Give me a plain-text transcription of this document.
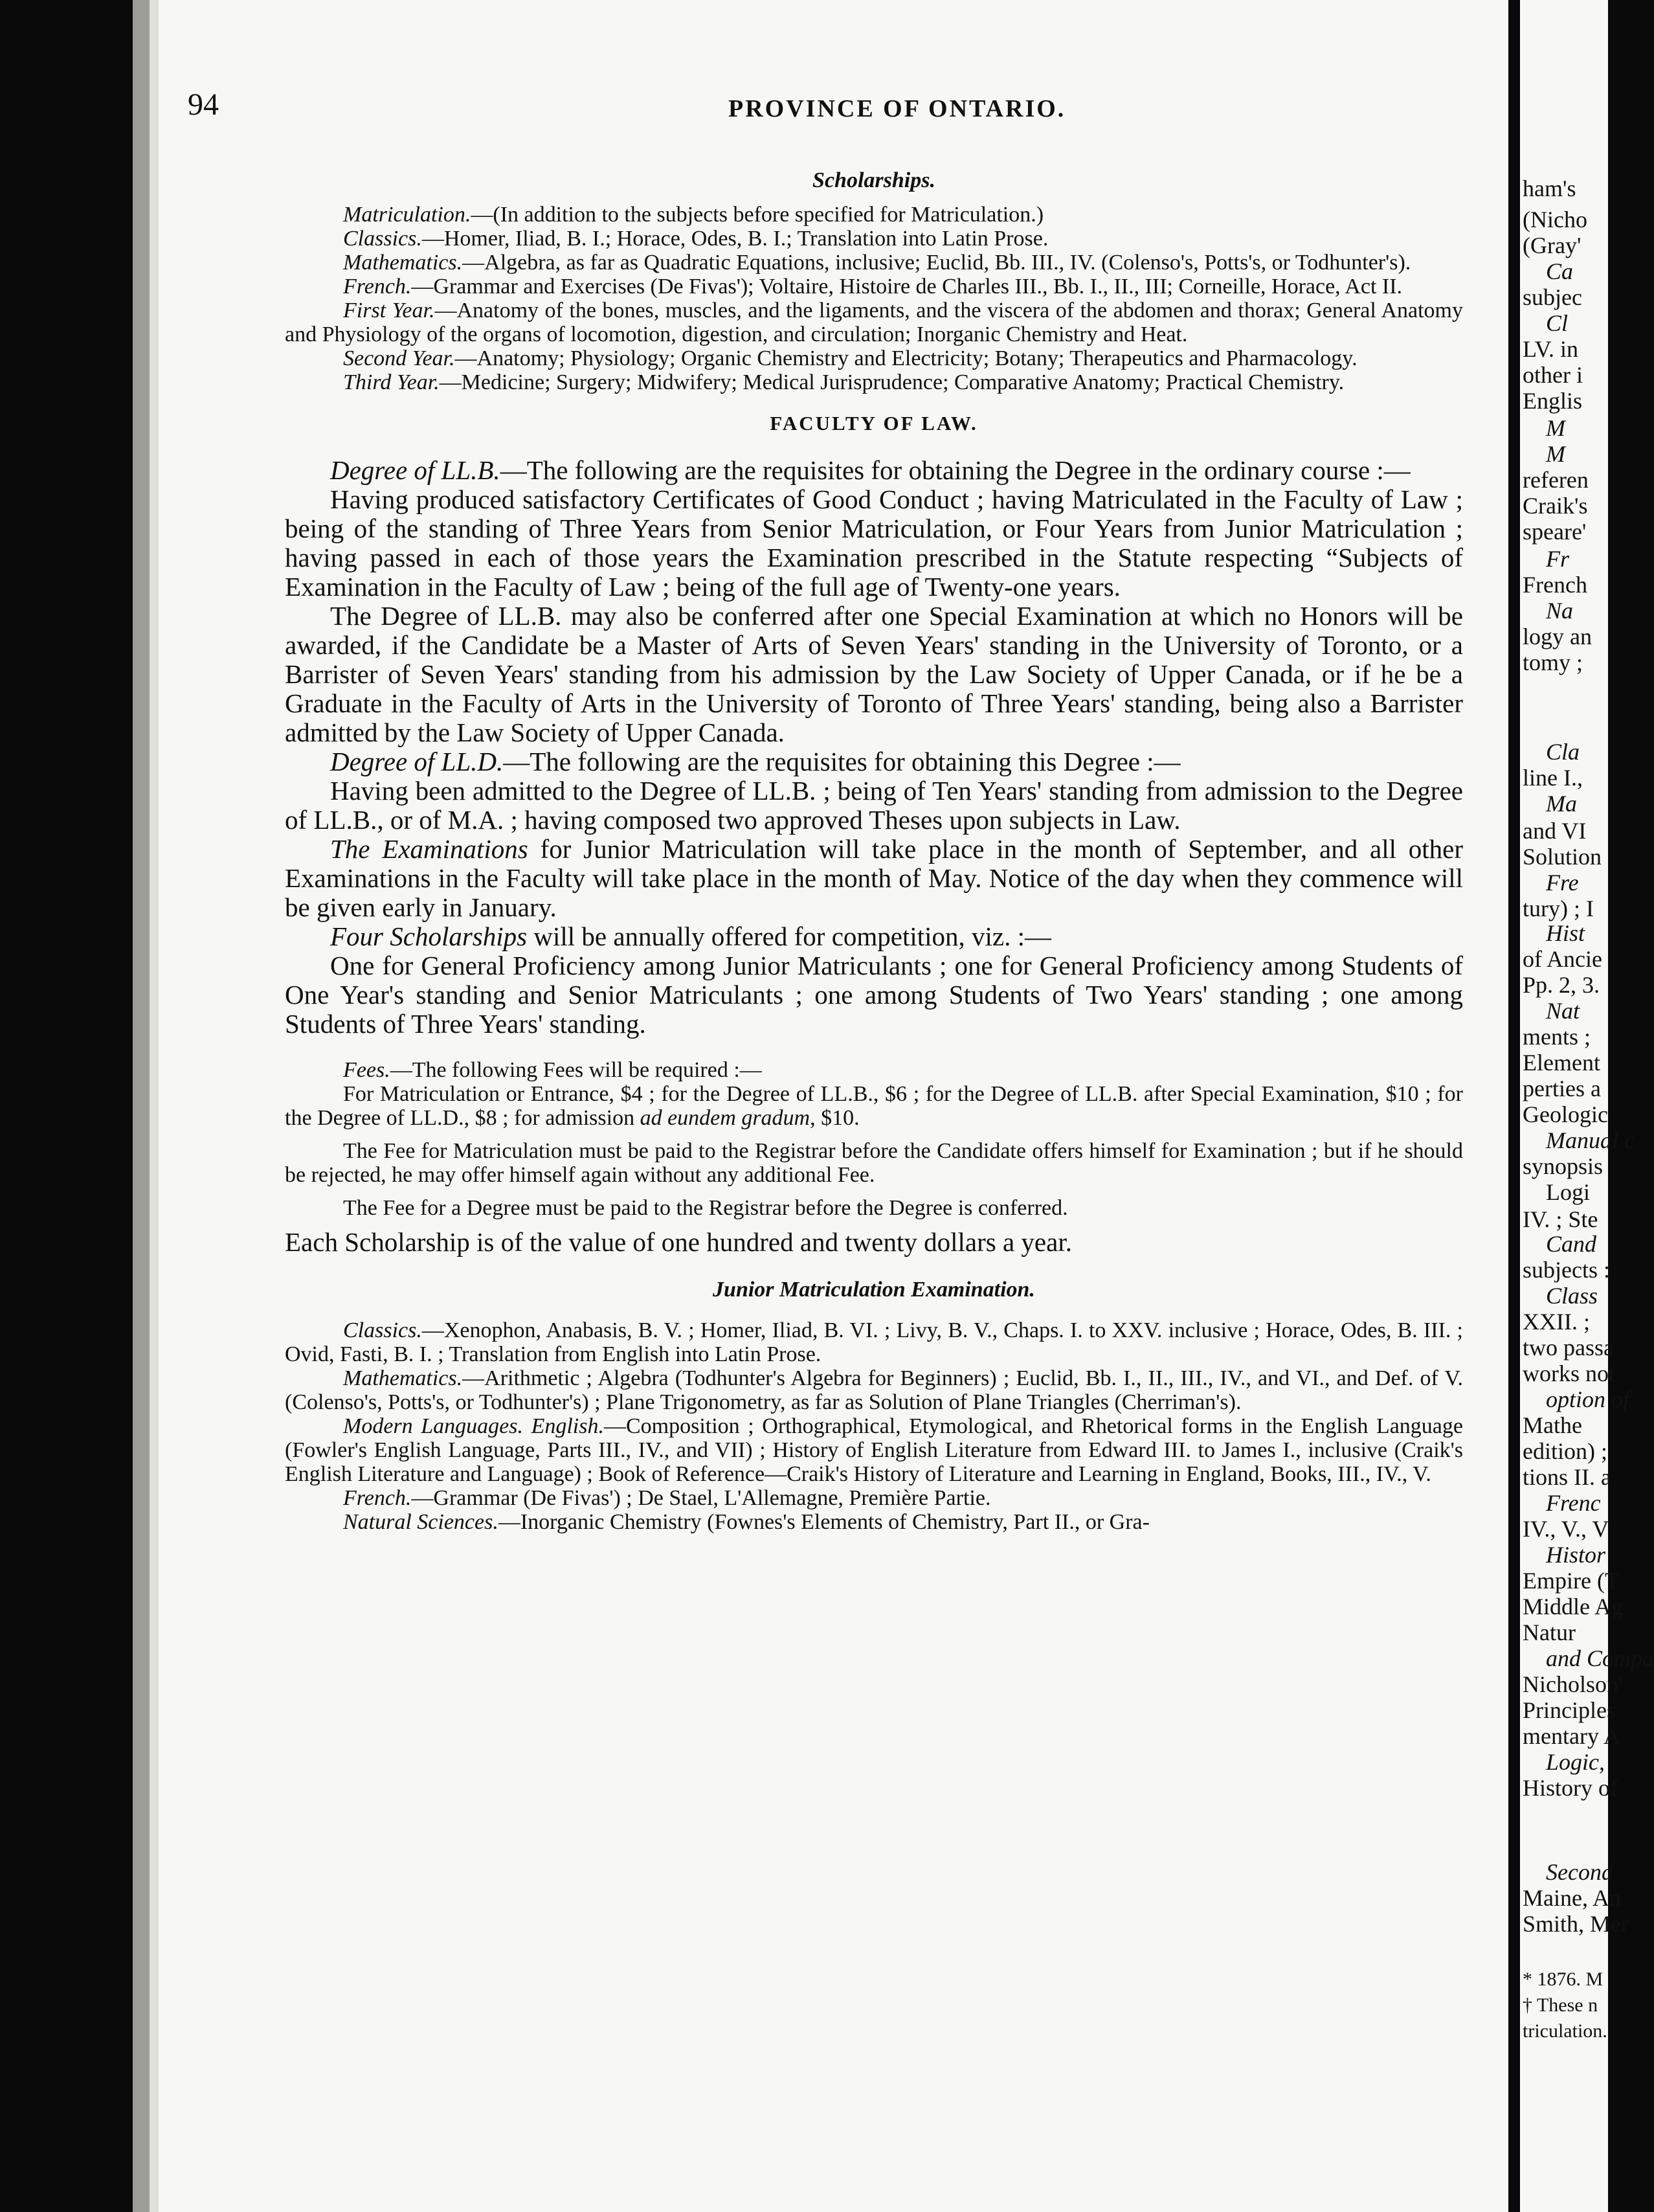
94	PROVINCE OF ONTARIO.
Scholarships.

Matriculation.—(In addition to the subjects before specified for Matriculation.)

Classics.—Homer, Iliad, B. I.; Horace, Odes, B. I.; Translation into Latin Prose.

Mathematics.—Algebra, as far as Quadratic Equations, inclusive; Euclid, Bb. III., IV. (Colenso's, Potts's, or Todhunter's).

French.—Grammar and Exercises (De Fivas'); Voltaire, Histoire de Charles III., Bb. I., II., III; Corneille, Horace, Act II.

First Year.—Anatomy of the bones, muscles, and the ligaments, and the viscera of the abdomen and thorax; General Anatomy and Physiology of the organs of locomotion, digestion, and circulation; Inorganic Chemistry and Heat.

Second Year.—Anatomy; Physiology; Organic Chemistry and Electricity; Botany; Therapeutics and Pharmacology.

Third Year.—Medicine; Surgery; Midwifery; Medical Jurisprudence; Comparative Anatomy; Practical Chemistry.

FACULTY OF LAW.

Degree of LL.B.—The following are the requisites for obtaining the Degree in the ordinary course :—

Having produced satisfactory Certificates of Good Conduct ; having Matriculated in the Faculty of Law ; being of the standing of Three Years from Senior Matriculation, or Four Years from Junior Matriculation ; having passed in each of those years the Examination prescribed in the Statute respecting “Subjects of Examination in the Faculty of Law ; being of the full age of Twenty-one years.

The Degree of LL.B. may also be conferred after one Special Examination at which no Honors will be awarded, if the Candidate be a Master of Arts of Seven Years' standing in the University of Toronto, or a Barrister of Seven Years' standing from his admission by the Law Society of Upper Canada, or if he be a Graduate in the Faculty of Arts in the University of Toronto of Three Years' standing, being also a Barrister admitted by the Law Society of Upper Canada.

Degree of LL.D.—The following are the requisites for obtaining this Degree :—

Having been admitted to the Degree of LL.B. ; being of Ten Years' standing from admission to the Degree of LL.B., or of M.A. ; having composed two approved Theses upon subjects in Law.

The Examinations for Junior Matriculation will take place in the month of September, and all other Examinations in the Faculty will take place in the month of May. Notice of the day when they commence will be given early in January.

Four Scholarships will be annually offered for competition, viz. :—

One for General Proficiency among Junior Matriculants ; one for General Proficiency among Students of One Year's standing and Senior Matriculants ; one among Students of Two Years' standing ; one among Students of Three Years' standing.

Fees.—The following Fees will be required :—

For Matriculation or Entrance, $4 ; for the Degree of LL.B., $6 ; for the Degree of LL.B. after Special Examination, $10 ; for the Degree of LL.D., $8 ; for admission ad eundem gradum, $10.

The Fee for Matriculation must be paid to the Registrar before the Candidate offers himself for Examination ; but if he should be rejected, he may offer himself again without any additional Fee.

The Fee for a Degree must be paid to the Registrar before the Degree is conferred.

Each Scholarship is of the value of one hundred and twenty dollars a year.

Junior Matriculation Examination.

Classics.—Xenophon, Anabasis, B. V. ; Homer, Iliad, B. VI. ; Livy, B. V., Chaps. I. to XXV. inclusive ; Horace, Odes, B. III. ; Ovid, Fasti, B. I. ; Translation from English into Latin Prose.

Mathematics.—Arithmetic ; Algebra (Todhunter's Algebra for Beginners) ; Euclid, Bb. I., II., III., IV., and VI., and Def. of V. (Colenso's, Potts's, or Todhunter's) ; Plane Trigonometry, as far as Solution of Plane Triangles (Cherriman's).

Modern Languages. English.—Composition ; Orthographical, Etymological, and Rhetorical forms in the English Language (Fowler's English Language, Parts III., IV., and VII) ; History of English Literature from Edward III. to James I., inclusive (Craik's English Literature and Language) ; Book of Reference—Craik's History of Literature and Learning in England, Books, III., IV., V.

French.—Grammar (De Fivas') ; De Stael, L'Allemagne, Première Partie.

Natural Sciences.—Inorganic Chemistry (Fownes's Elements of Chemistry, Part II., or Gra-

ham's
(Nicho
(Gray'
Ca
subjec
Cl
LV. in
other i
Englis
M
M
referen
Craik's
speare'
Fr
French
Na
logy an
tomy ;
Cla
line I.,
Ma
and VI
Solution
Fre
tury) ; I
Hist
of Ancie
Pp. 2, 3.
Nat
ments ;
Element
perties a
Geologic
Manual c
synopsis
Logi
IV. ; Ste
Cand
subjects :
Class
XXII. ;
two passa
works not
option of
Mathe
edition) ;
tions II. a
Frenc
IV., V., V
Histor
Empire (T
Middle Ag
Natur
and Compa
Nicholson'
Principles
mentary A
Logic,
History of
Second
Maine, An
Smith, Mer
* 1876. M
† These n
triculation.
